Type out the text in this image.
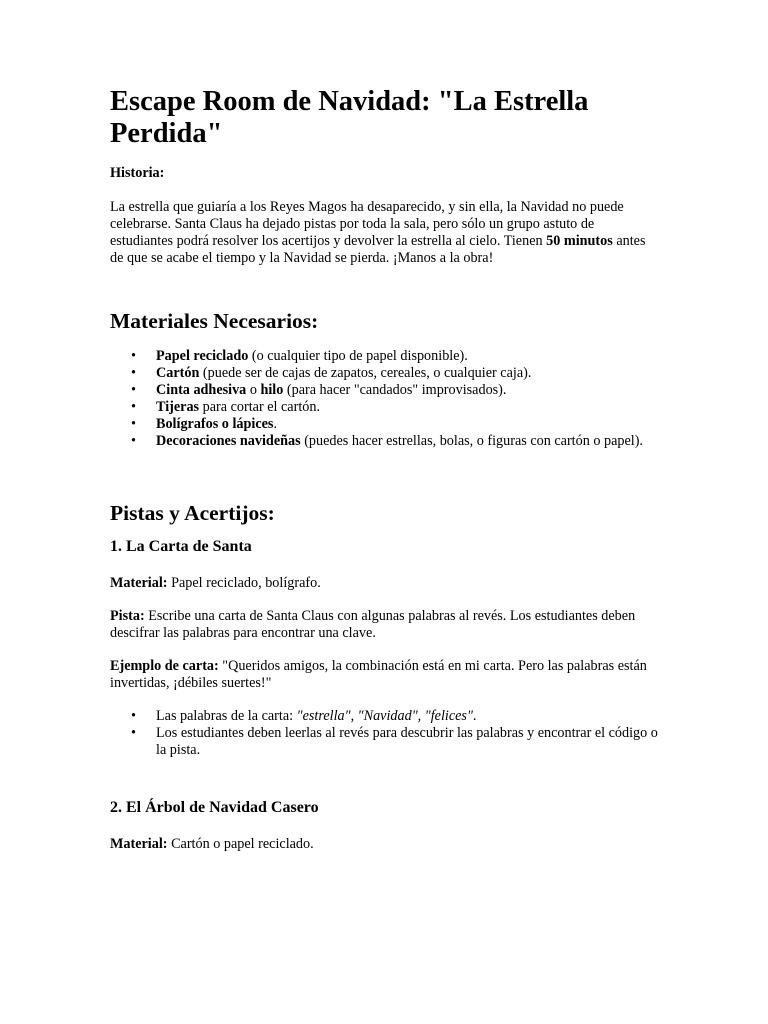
Escape Room de Navidad: "La Estrella Perdida"

Historia:

La estrella que guiaría a los Reyes Magos ha desaparecido, y sin ella, la Navidad no puede celebrarse. Santa Claus ha dejado pistas por toda la sala, pero sólo un grupo astuto de estudiantes podrá resolver los acertijos y devolver la estrella al cielo. Tienen 50 minutos antes de que se acabe el tiempo y la Navidad se pierda. ¡Manos a la obra!

Materiales Necesarios:
• Papel reciclado (o cualquier tipo de papel disponible).
• Cartón (puede ser de cajas de zapatos, cereales, o cualquier caja).
• Cinta adhesiva o hilo (para hacer "candados" improvisados).
• Tijeras para cortar el cartón.
• Bolígrafos o lápices.
• Decoraciones navideñas (puedes hacer estrellas, bolas, o figuras con cartón o papel).
Pistas y Acertijos:
1. La Carta de Santa

Material: Papel reciclado, bolígrafo.

Pista: Escribe una carta de Santa Claus con algunas palabras al revés. Los estudiantes deben descifrar las palabras para encontrar una clave.

Ejemplo de carta: "Queridos amigos, la combinación está en mi carta. Pero las palabras están invertidas, ¡débiles suertes!"

• Las palabras de la carta: "estrella", "Navidad", "felices".
• Los estudiantes deben leerlas al revés para descubrir las palabras y encontrar el código o la pista.
2. El Árbol de Navidad Casero

Material: Cartón o papel reciclado.
